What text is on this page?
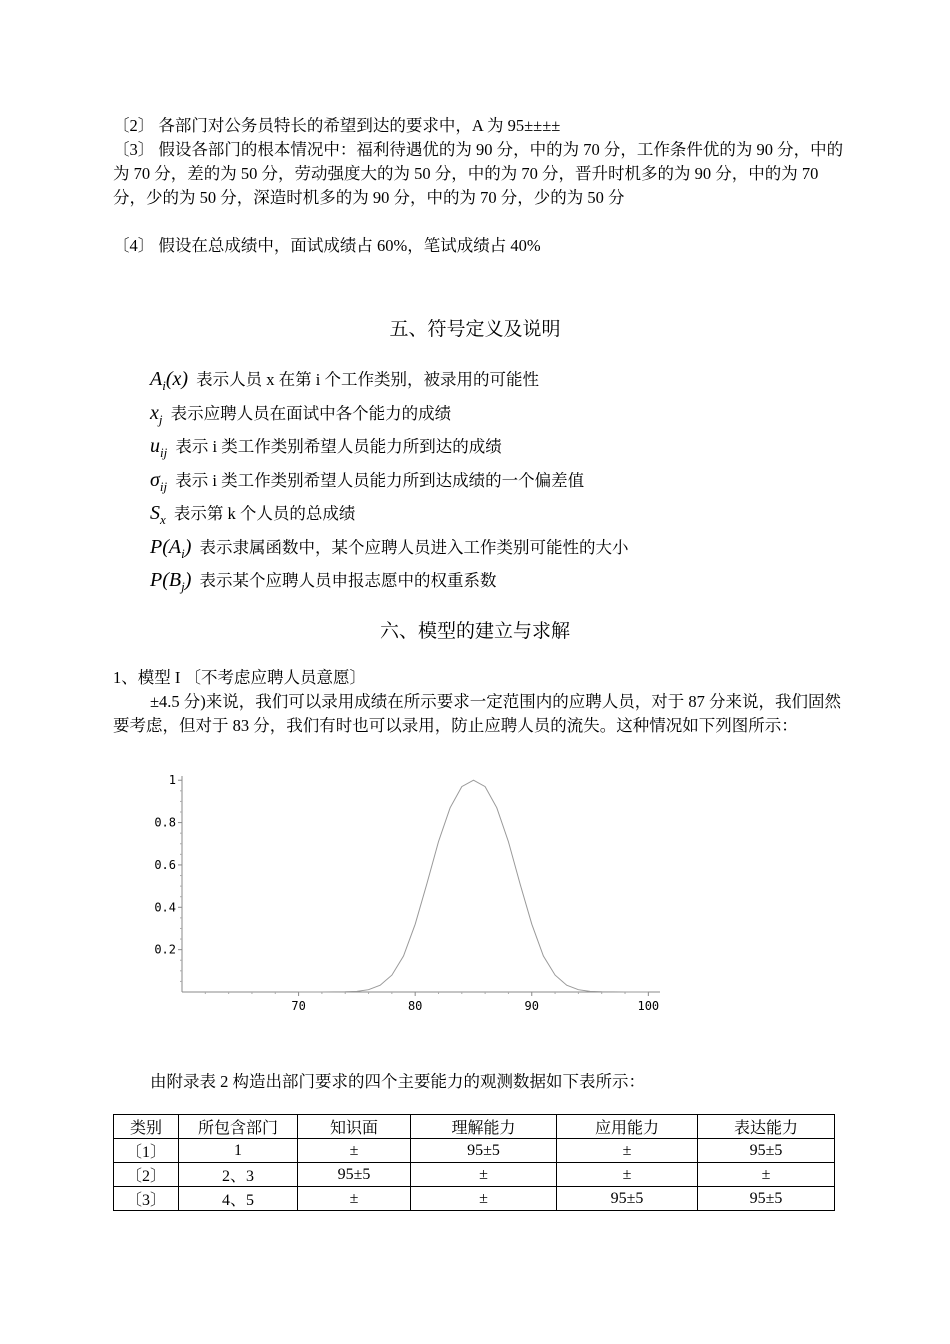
〔2〕 各部门对公务员特长的希望到达的要求中，A 为 95±±±±

〔3〕 假设各部门的根本情况中：福利待遇优的为 90 分，中的为 70 分，工作条件优的为 90 分，中的为 70 分，差的为 50 分，劳动强度大的为 50 分，中的为 70 分，晋升时机多的为 90 分，中的为 70 分，少的为 50 分，深造时机多的为 90 分，中的为 70 分，少的为 50 分

〔4〕 假设在总成绩中，面试成绩占 60%，笔试成绩占 40%

五、符号定义及说明
$A_i(x)$ 表示人员 x 在第 i 个工作类别，被录用的可能性
$x_j$ 表示应聘人员在面试中各个能力的成绩
$u_{ij}$ 表示 i 类工作类别希望人员能力所到达的成绩
$\sigma_{ij}$ 表示 i 类工作类别希望人员能力所到达成绩的一个偏差值
$S_x$ 表示第 k 个人员的总成绩
$P(A_i)$ 表示隶属函数中，某个应聘人员进入工作类别可能性的大小
$P(B_j)$ 表示某个应聘人员申报志愿中的权重系数
六、模型的建立与求解

1、模型 I 〔不考虑应聘人员意愿〕

±4.5 分)来说，我们可以录用成绩在所示要求一定范围内的应聘人员，对于 87 分来说，我们固然要考虑，但对于 83 分，我们有时也可以录用，防止应聘人员的流失。这种情况如下列图所示：

70	80	90	100
0.2
0.4
0.6
0.8
1

由附录表 2 构造出部门要求的四个主要能力的观测数据如下表所示：

类别	所包含部门	知识面	理解能力	应用能力	表达能力
〔1〕	1	±	95±5	±	95±5
〔2〕	2、3	95±5	±	±	±
〔3〕	4、5	±	±	95±5	95±5
